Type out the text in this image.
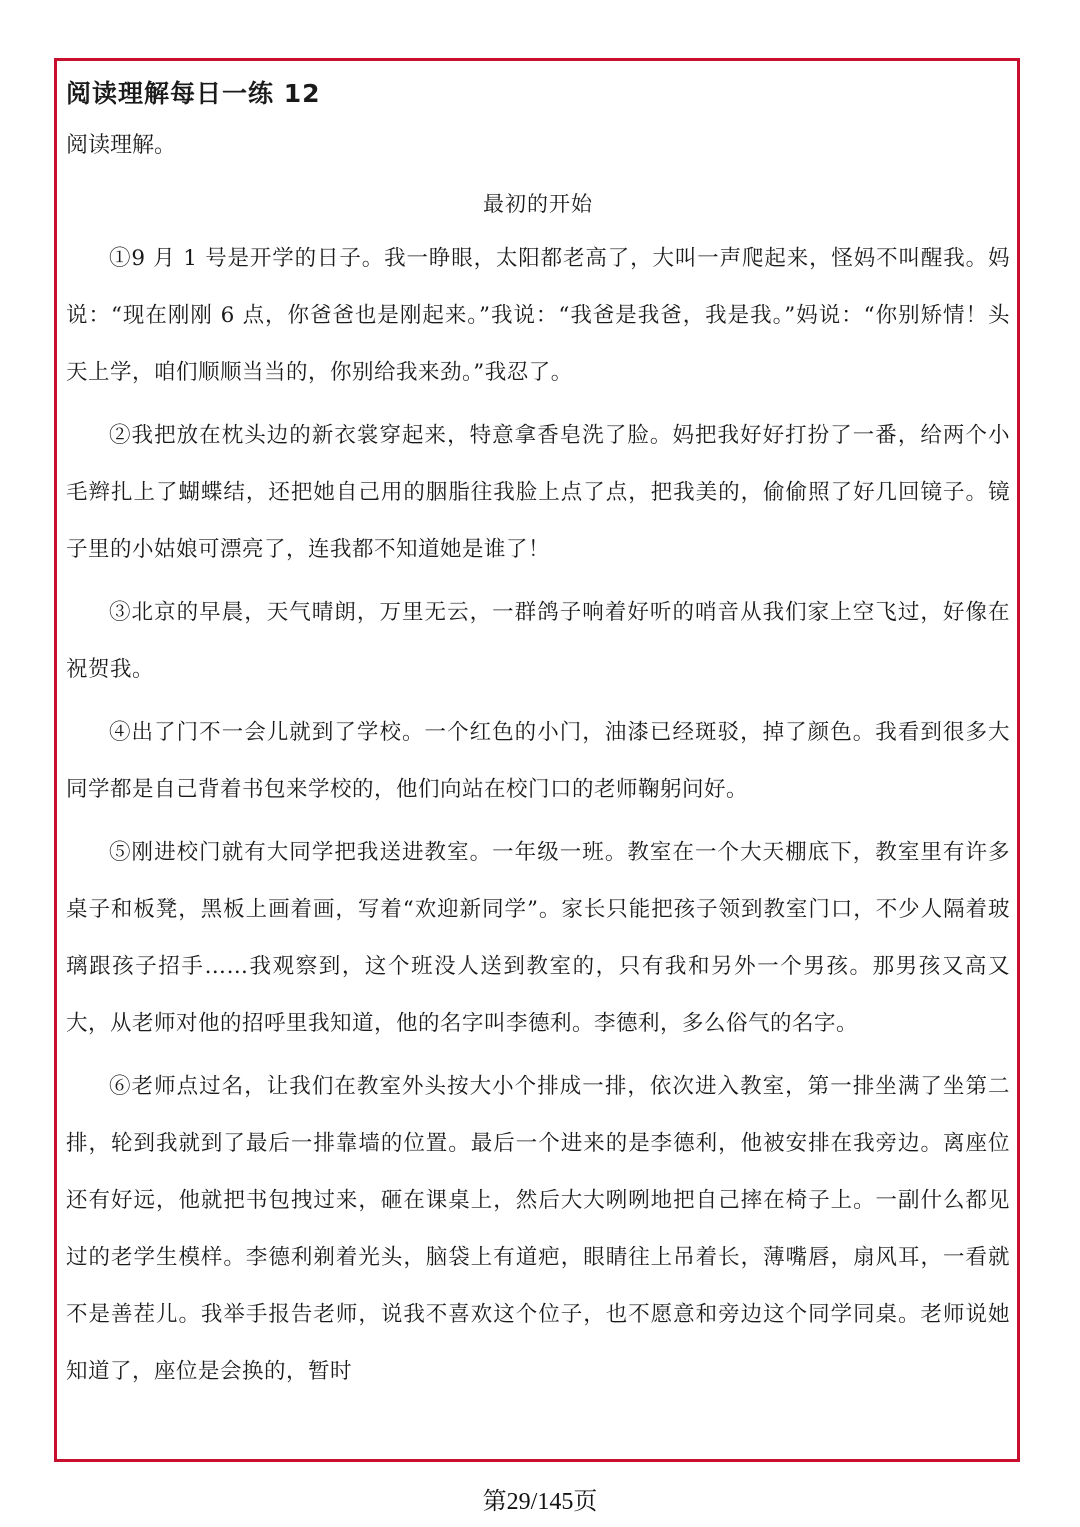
阅读理解每日一练 12

阅读理解。

最初的开始

①9 月 1 号是开学的日子。我一睁眼，太阳都老高了，大叫一声爬起来，怪妈不叫醒我。妈说：“现在刚刚 6 点，你爸爸也是刚起来。”我说：“我爸是我爸，我是我。”妈说：“你别矫情！头天上学，咱们顺顺当当的，你别给我来劲。”我忍了。

②我把放在枕头边的新衣裳穿起来，特意拿香皂洗了脸。妈把我好好打扮了一番，给两个小毛辫扎上了蝴蝶结，还把她自己用的胭脂往我脸上点了点，把我美的，偷偷照了好几回镜子。镜子里的小姑娘可漂亮了，连我都不知道她是谁了！

③北京的早晨，天气晴朗，万里无云，一群鸽子响着好听的哨音从我们家上空飞过，好像在祝贺我。

④出了门不一会儿就到了学校。一个红色的小门，油漆已经斑驳，掉了颜色。我看到很多大同学都是自己背着书包来学校的，他们向站在校门口的老师鞠躬问好。

⑤刚进校门就有大同学把我送进教室。一年级一班。教室在一个大天棚底下，教室里有许多桌子和板凳，黑板上画着画，写着“欢迎新同学”。家长只能把孩子领到教室门口，不少人隔着玻璃跟孩子招手……我观察到，这个班没人送到教室的，只有我和另外一个男孩。那男孩又高又大，从老师对他的招呼里我知道，他的名字叫李德利。李德利，多么俗气的名字。

⑥老师点过名，让我们在教室外头按大小个排成一排，依次进入教室，第一排坐满了坐第二排，轮到我就到了最后一排靠墙的位置。最后一个进来的是李德利，他被安排在我旁边。离座位还有好远，他就把书包拽过来，砸在课桌上，然后大大咧咧地把自己摔在椅子上。一副什么都见过的老学生模样。李德利剃着光头，脑袋上有道疤，眼睛往上吊着长，薄嘴唇，扇风耳，一看就不是善茬儿。我举手报告老师，说我不喜欢这个位子，也不愿意和旁边这个同学同桌。老师说她知道了，座位是会换的，暂时

第29/145页
